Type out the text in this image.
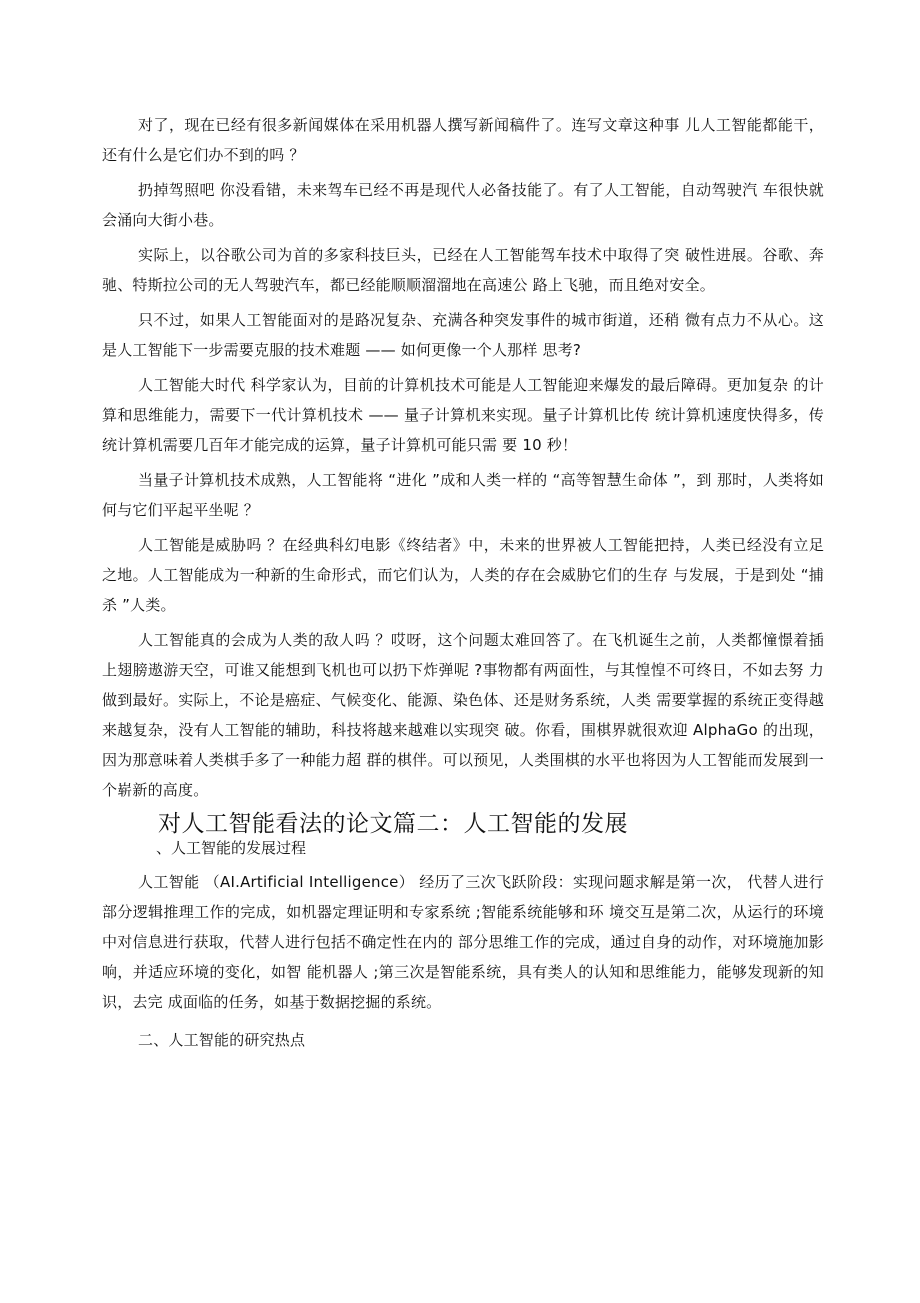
对了，现在已经有很多新闻媒体在采用机器人撰写新闻稿件了。连写文章这种事 儿人工智能都能干，还有什么是它们办不到的吗 ？

扔掉驾照吧 你没看错，未来驾车已经不再是现代人必备技能了。有了人工智能，自动驾驶汽 车很快就会涌向大街小巷。

实际上，以谷歌公司为首的多家科技巨头，已经在人工智能驾车技术中取得了突 破性进展。谷歌、奔驰、特斯拉公司的无人驾驶汽车，都已经能顺顺溜溜地在高速公 路上飞驰，而且绝对安全。

只不过，如果人工智能面对的是路况复杂、充满各种突发事件的城市街道，还稍 微有点力不从心。这是人工智能下一步需要克服的技术难题 —— 如何更像一个人那样 思考?

人工智能大时代 科学家认为，目前的计算机技术可能是人工智能迎来爆发的最后障碍。更加复杂 的计算和思维能力，需要下一代计算机技术 —— 量子计算机来实现。量子计算机比传 统计算机速度快得多，传统计算机需要几百年才能完成的运算，量子计算机可能只需 要 10 秒！

当量子计算机技术成熟，人工智能将 “进化 ”成和人类一样的 “高等智慧生命体 ”，到 那时，人类将如何与它们平起平坐呢 ？

人工智能是威胁吗 ？在经典科幻电影《终结者》中，未来的世界被人工智能把持，人类已经没有立足 之地。人工智能成为一种新的生命形式，而它们认为，人类的存在会威胁它们的生存 与发展，于是到处 “捕杀 ”人类。

人工智能真的会成为人类的敌人吗 ？哎呀，这个问题太难回答了。在飞机诞生之前，人类都憧憬着插上翅膀遨游天空，可谁又能想到飞机也可以扔下炸弹呢 ?事物都有两面性，与其惶惶不可终日，不如去努 力做到最好。实际上，不论是癌症、气候变化、能源、染色体、还是财务系统，人类 需要掌握的系统正变得越来越复杂，没有人工智能的辅助，科技将越来越难以实现突 破。你看，围棋界就很欢迎 AlphaGo 的出现，因为那意味着人类棋手多了一种能力超 群的棋伴。可以预见，人类围棋的水平也将因为人工智能而发展到一个崭新的高度。

对人工智能看法的论文篇二：人工智能的发展
、人工智能的发展过程

人工智能 （AI.Artificial Intelligence） 经历了三次飞跃阶段：实现问题求解是第一次， 代替人进行部分逻辑推理工作的完成，如机器定理证明和专家系统 ;智能系统能够和环 境交互是第二次，从运行的环境中对信息进行获取，代替人进行包括不确定性在内的 部分思维工作的完成，通过自身的动作，对环境施加影响，并适应环境的变化，如智 能机器人 ;第三次是智能系统，具有类人的认知和思维能力，能够发现新的知识，去完 成面临的任务，如基于数据挖掘的系统。

二、人工智能的研究热点
